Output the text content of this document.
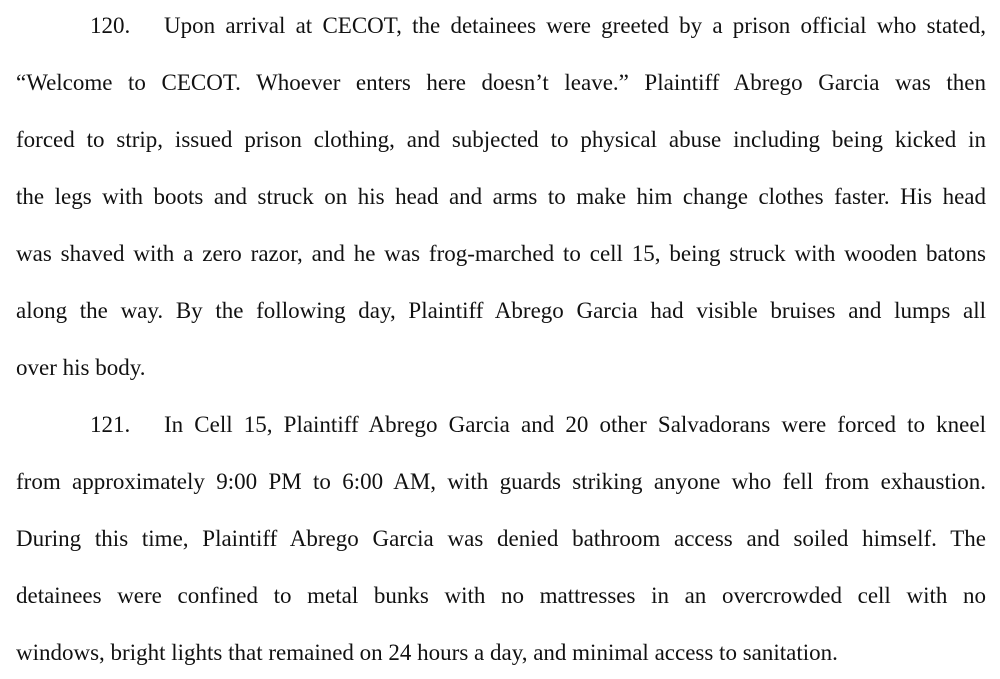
120. Upon arrival at CECOT, the detainees were greeted by a prison official who stated,
“Welcome to CECOT. Whoever enters here doesn’t leave.” Plaintiff Abrego Garcia was then
forced to strip, issued prison clothing, and subjected to physical abuse including being kicked in
the legs with boots and struck on his head and arms to make him change clothes faster. His head
was shaved with a zero razor, and he was frog-marched to cell 15, being struck with wooden batons
along the way. By the following day, Plaintiff Abrego Garcia had visible bruises and lumps all
over his body.
121. In Cell 15, Plaintiff Abrego Garcia and 20 other Salvadorans were forced to kneel
from approximately 9:00 PM to 6:00 AM, with guards striking anyone who fell from exhaustion.
During this time, Plaintiff Abrego Garcia was denied bathroom access and soiled himself. The
detainees were confined to metal bunks with no mattresses in an overcrowded cell with no
windows, bright lights that remained on 24 hours a day, and minimal access to sanitation.
